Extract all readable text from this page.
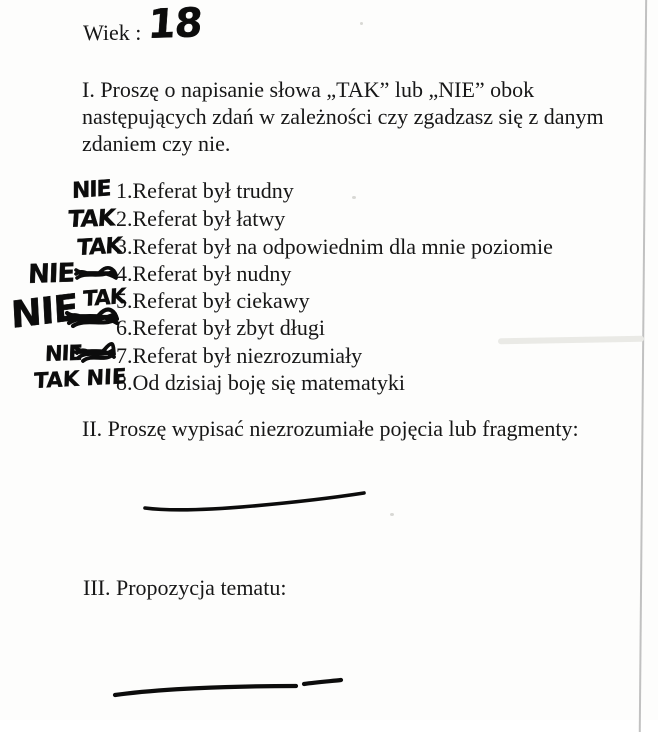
Wiek : 18
I. Proszę o napisanie słowa „TAK” lub „NIE” obok
następujących zdań w zależności czy zgadzasz się z danym
zdaniem czy nie.
1.Referat był trudny
2.Referat był łatwy
3.Referat był na odpowiednim dla mnie poziomie
4.Referat był nudny
5.Referat był ciekawy
6.Referat był zbyt długi
7.Referat był niezrozumiały
8.Od dzisiaj boję się matematyki
NIE
TAK
TAK
NIE
TAK
NIE
NIE
TAK NIE
II. Proszę wypisać niezrozumiałe pojęcia lub fragmenty:
III. Propozycja tematu:
